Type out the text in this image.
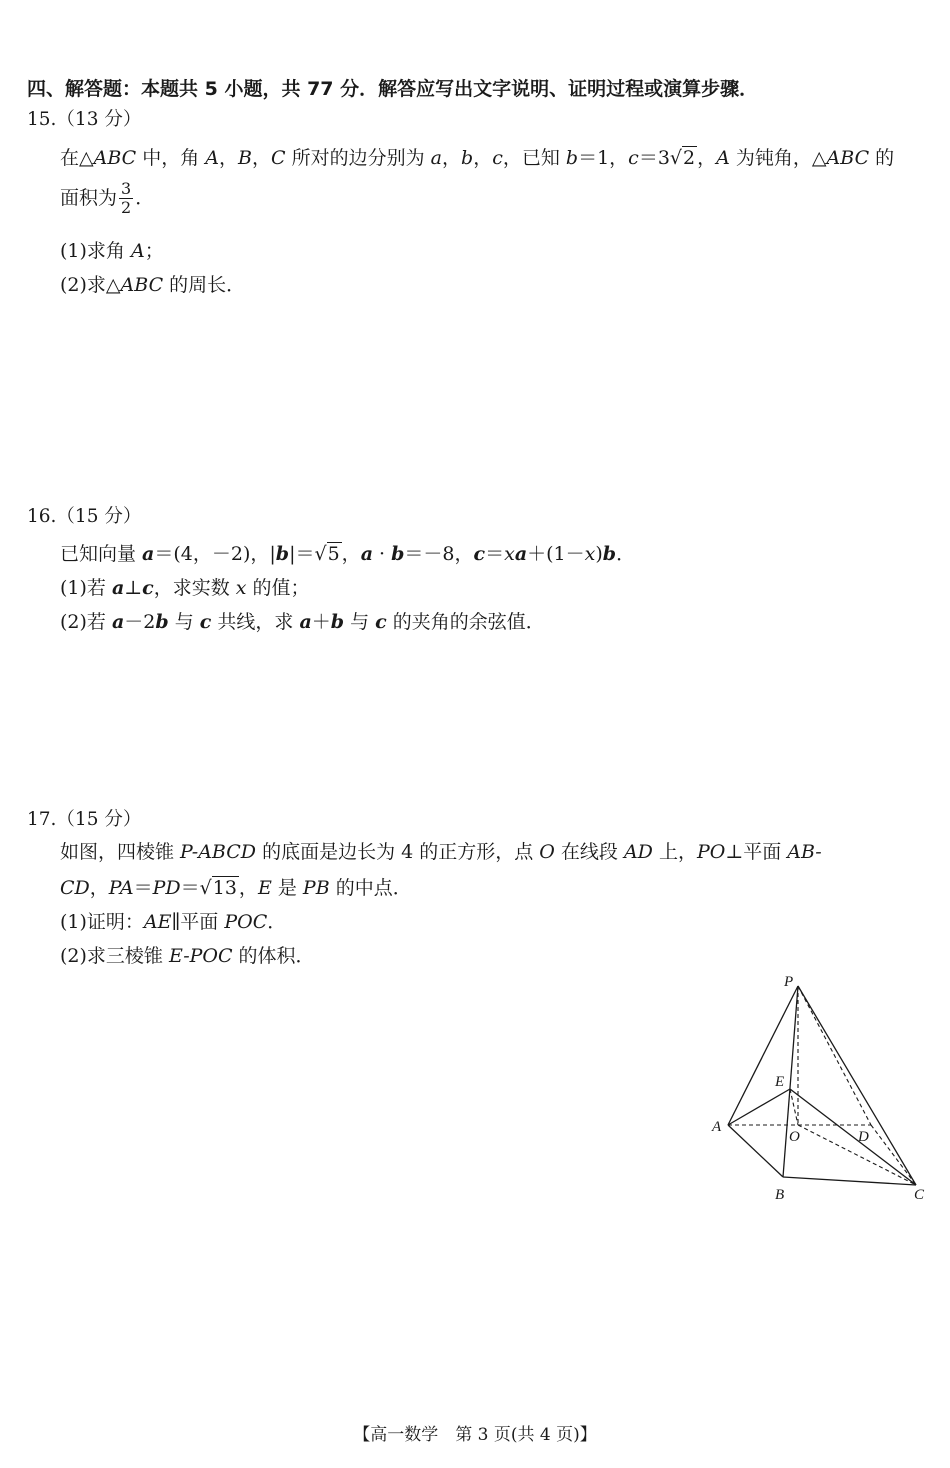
四、解答题：本题共 5 小题，共 77 分．解答应写出文字说明、证明过程或演算步骤．
15.（13 分）
在△ABC 中，角 A，B，C 所对的边分别为 a，b，c，已知 b＝1，c＝3√2 ，A 为钝角，△ABC 的
面积为 $\frac{3}{2}$ ．
(1)求角 A；
(2)求△ABC 的周长．
16.（15 分）
已知向量 a＝(4，－2)，|b|＝√5 ，a · b＝－8，c＝xa＋(1－x)b．
(1)若 a⊥c，求实数 x 的值；
(2)若 a－2b 与 c 共线，求 a＋b 与 c 的夹角的余弦值．
17.（15 分）
如图，四棱锥 P-ABCD 的底面是边长为 4 的正方形，点 O 在线段 AD 上，PO⊥平面 AB-
CD，PA＝PD＝√13 ，E 是 PB 的中点．
(1)证明：AE∥平面 POC．
(2)求三棱锥 E-POC 的体积．
P
E
A
O	D
B	C
【高一数学　第 3 页(共 4 页)】
